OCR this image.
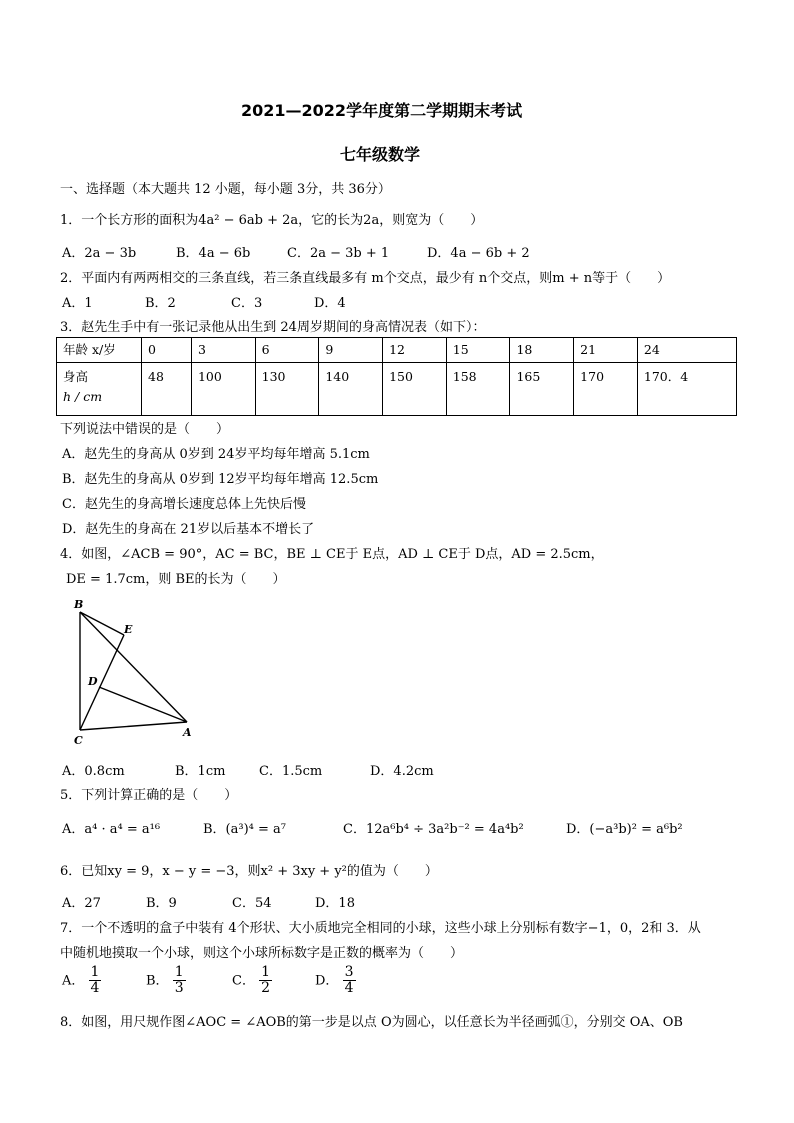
2021—2022学年度第二学期期末考试
七年级数学
一、选择题（本大题共 12 小题，每小题 3分，共 36分）
1．一个长方形的面积为4a² − 6ab + 2a，它的长为2a，则宽为（　　）
A．2a − 3b	B．4a − 6b	C．2a − 3b + 1	D．4a − 6b + 2
2．平面内有两两相交的三条直线，若三条直线最多有 m个交点，最少有 n个交点，则m + n等于（　　）
A．1	B．2	C．3	D．4
3．赵先生手中有一张记录他从出生到 24周岁期间的身高情况表（如下）：
年龄 x/岁	0	3	6	9	12	15	18	21	24

身高
h / cm	48	100	130	140	150	158	165	170	170．4
下列说法中错误的是（　　）
A．赵先生的身高从 0岁到 24岁平均每年增高 5.1cm
B．赵先生的身高从 0岁到 12岁平均每年增高 12.5cm
C．赵先生的身高增长速度总体上先快后慢
D．赵先生的身高在 21岁以后基本不增长了
4．如图，∠ACB = 90°，AC = BC，BE ⊥ CE于 E点，AD ⊥ CE于 D点，AD = 2.5cm，
DE = 1.7cm，则 BE的长为（　　）
B
E
D
C
A
A．0.8cm	B．1cm	C．1.5cm	D．4.2cm
5．下列计算正确的是（　　）
A．a⁴ · a⁴ = a¹⁶	B．(a³)⁴ = a⁷	C．12a⁶b⁴ ÷ 3a²b⁻² = 4a⁴b²	D．(−a³b)² = a⁶b²
6．已知xy = 9，x − y = −3，则x² + 3xy + y²的值为（　　）
A．27	B．9	C．54	D．18
7．一个不透明的盒子中装有 4个形状、大小质地完全相同的小球，这些小球上分别标有数字−1，0，2和 3．从
中随机地摸取一个小球，则这个小球所标数字是正数的概率为（　　）
A． $\frac{1}{4}$	B． $\frac{1}{3}$	C． $\frac{1}{2}$	D． $\frac{3}{4}$
8．如图，用尺规作图∠AOC = ∠AOB的第一步是以点 O为圆心，以任意长为半径画弧①，分别交 OA、OB
